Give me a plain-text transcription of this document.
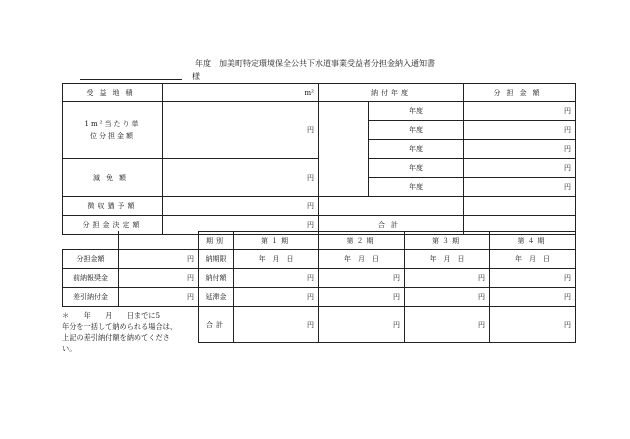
年度　加美町特定環境保全公共下水道事業受益者分担金納入通知書
様
受益地積	m²	納付年度		分担金額

1m²当たり単
位分担金額	円		年度	円
			年度	円
			年度	円
減免額	円		年度	円
			年度	円
徴収猶予額	円			
分担金決定額	円	合計		
		期別	第１期	第２期	第３期	第４期
分担金額	円	納期限	年　月　日	年　月　日	年　月　日	年　月　日
前納報奨金	円	納付額	円	円	円	円
差引納付金	円	延滞金	円	円	円	円
		合計	円	円	円	円
＊　　年　　月　　日までに5
年分を一括して納められる場合は、
上記の差引納付額を納めてくださ
い。
